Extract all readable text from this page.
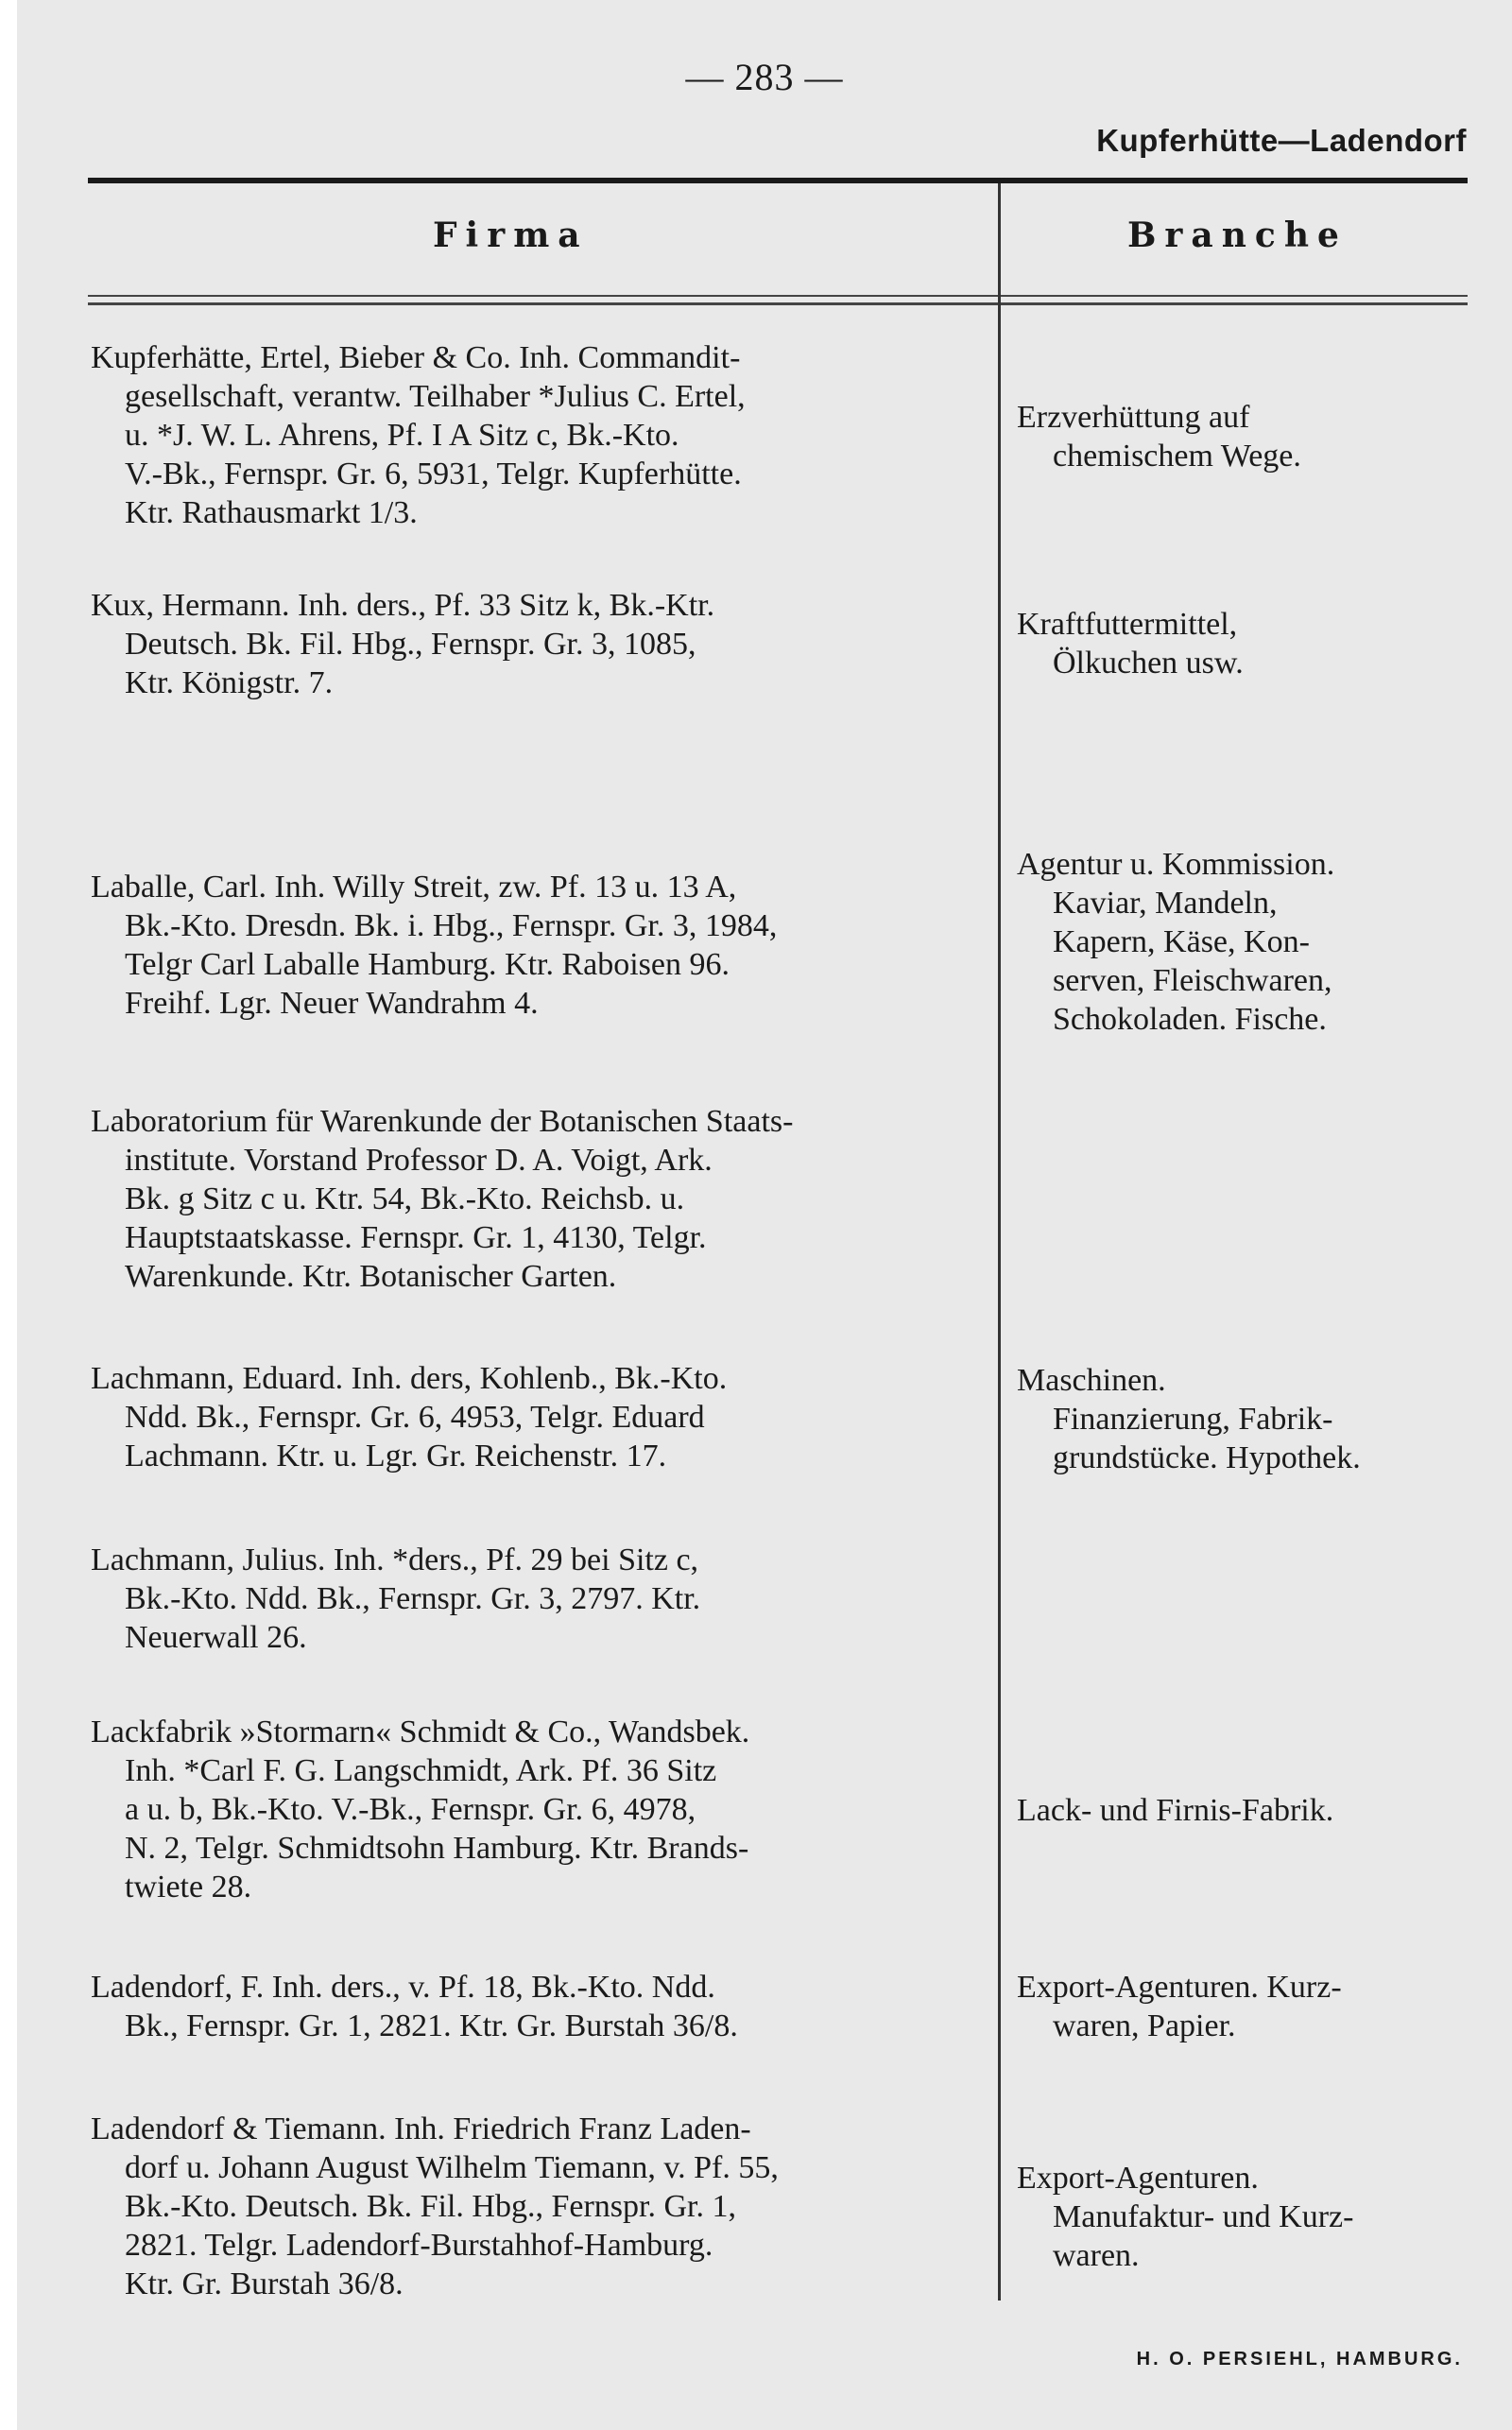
— 283 —
Kupferhütte—Ladendorf
Firma	Branche
Kupferhätte, Ertel, Bieber & Co. Inh. Commandit-
gesellschaft, verantw. Teilhaber *Julius C. Ertel,
u. *J. W. L. Ahrens, Pf. I A Sitz c, Bk.-Kto.
V.-Bk., Fernspr. Gr. 6, 5931, Telgr. Kupferhütte.
Ktr. Rathausmarkt 1/3.
Erzverhüttung auf
chemischem Wege.
Kux, Hermann. Inh. ders., Pf. 33 Sitz k, Bk.-Ktr.
Deutsch. Bk. Fil. Hbg., Fernspr. Gr. 3, 1085,
Ktr. Königstr. 7.
Kraftfuttermittel,
Ölkuchen usw.
Laballe, Carl. Inh. Willy Streit, zw. Pf. 13 u. 13 A,
Bk.-Kto. Dresdn. Bk. i. Hbg., Fernspr. Gr. 3, 1984,
Telgr Carl Laballe Hamburg. Ktr. Raboisen 96.
Freihf. Lgr. Neuer Wandrahm 4.
Agentur u. Kommission.
Kaviar, Mandeln,
Kapern, Käse, Kon-
serven, Fleischwaren,
Schokoladen. Fische.
Laboratorium für Warenkunde der Botanischen Staats-
institute. Vorstand Professor D. A. Voigt, Ark.
Bk. g Sitz c u. Ktr. 54, Bk.-Kto. Reichsb. u.
Hauptstaatskasse. Fernspr. Gr. 1, 4130, Telgr.
Warenkunde. Ktr. Botanischer Garten.
Lachmann, Eduard. Inh. ders, Kohlenb., Bk.-Kto.
Ndd. Bk., Fernspr. Gr. 6, 4953, Telgr. Eduard
Lachmann. Ktr. u. Lgr. Gr. Reichenstr. 17.
Maschinen.
Finanzierung, Fabrik-
grundstücke. Hypothek.
Lachmann, Julius. Inh. *ders., Pf. 29 bei Sitz c,
Bk.-Kto. Ndd. Bk., Fernspr. Gr. 3, 2797. Ktr.
Neuerwall 26.
Lackfabrik »Stormarn« Schmidt & Co., Wandsbek.
Inh. *Carl F. G. Langschmidt, Ark. Pf. 36 Sitz
a u. b, Bk.-Kto. V.-Bk., Fernspr. Gr. 6, 4978,
N. 2, Telgr. Schmidtsohn Hamburg. Ktr. Brands-
twiete 28.
Lack- und Firnis-Fabrik.
Ladendorf, F. Inh. ders., v. Pf. 18, Bk.-Kto. Ndd.
Bk., Fernspr. Gr. 1, 2821. Ktr. Gr. Burstah 36/8.
Export-Agenturen. Kurz-
waren, Papier.
Ladendorf & Tiemann. Inh. Friedrich Franz Laden-
dorf u. Johann August Wilhelm Tiemann, v. Pf. 55,
Bk.-Kto. Deutsch. Bk. Fil. Hbg., Fernspr. Gr. 1,
2821. Telgr. Ladendorf-Burstahhof-Hamburg.
Ktr. Gr. Burstah 36/8.
Export-Agenturen.
Manufaktur- und Kurz-
waren.
H. O. PERSIEHL, HAMBURG.
